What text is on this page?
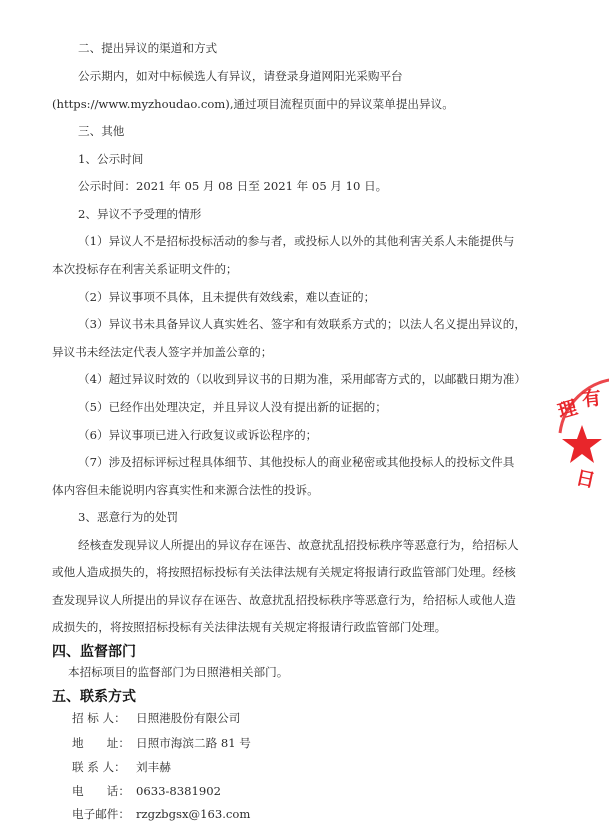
二、提出异议的渠道和方式
公示期内，如对中标候选人有异议，请登录身道网阳光采购平台
(https://www.myzhoudao.com),通过项目流程页面中的异议菜单提出异议。
三、其他
1、公示时间
公示时间：2021 年 05 月 08 日至 2021 年 05 月 10 日。
2、异议不予受理的情形
（1）异议人不是招标投标活动的参与者，或投标人以外的其他利害关系人未能提供与
本次投标存在利害关系证明文件的；
（2）异议事项不具体，且未提供有效线索，难以查证的；
（3）异议书未具备异议人真实姓名、签字和有效联系方式的；以法人名义提出异议的，
异议书未经法定代表人签字并加盖公章的；
（4）超过异议时效的（以收到异议书的日期为准，采用邮寄方式的，以邮戳日期为准）
（5）已经作出处理决定，并且异议人没有提出新的证据的；
（6）异议事项已进入行政复议或诉讼程序的；
（7）涉及招标评标过程具体细节、其他投标人的商业秘密或其他投标人的投标文件具
体内容但未能说明内容真实性和来源合法性的投诉。
3、恶意行为的处罚
经核查发现异议人所提出的异议存在诬告、故意扰乱招投标秩序等恶意行为，给招标人
或他人造成损失的，将按照招标投标有关法律法规有关规定将报请行政监管部门处理。经核
查发现异议人所提出的异议存在诬告、故意扰乱招投标秩序等恶意行为，给招标人或他人造
成损失的，将按照招标投标有关法律法规有关规定将报请行政监管部门处理。
四、监督部门
本招标项目的监督部门为日照港相关部门。
五、联系方式
招 标 人： 日照港股份有限公司
地　　址： 日照市海滨二路 81 号
联 系 人： 刘丰赫
电　　话： 0633-8381902
电子邮件： rzgzbgsx@163.com
理 有
日
